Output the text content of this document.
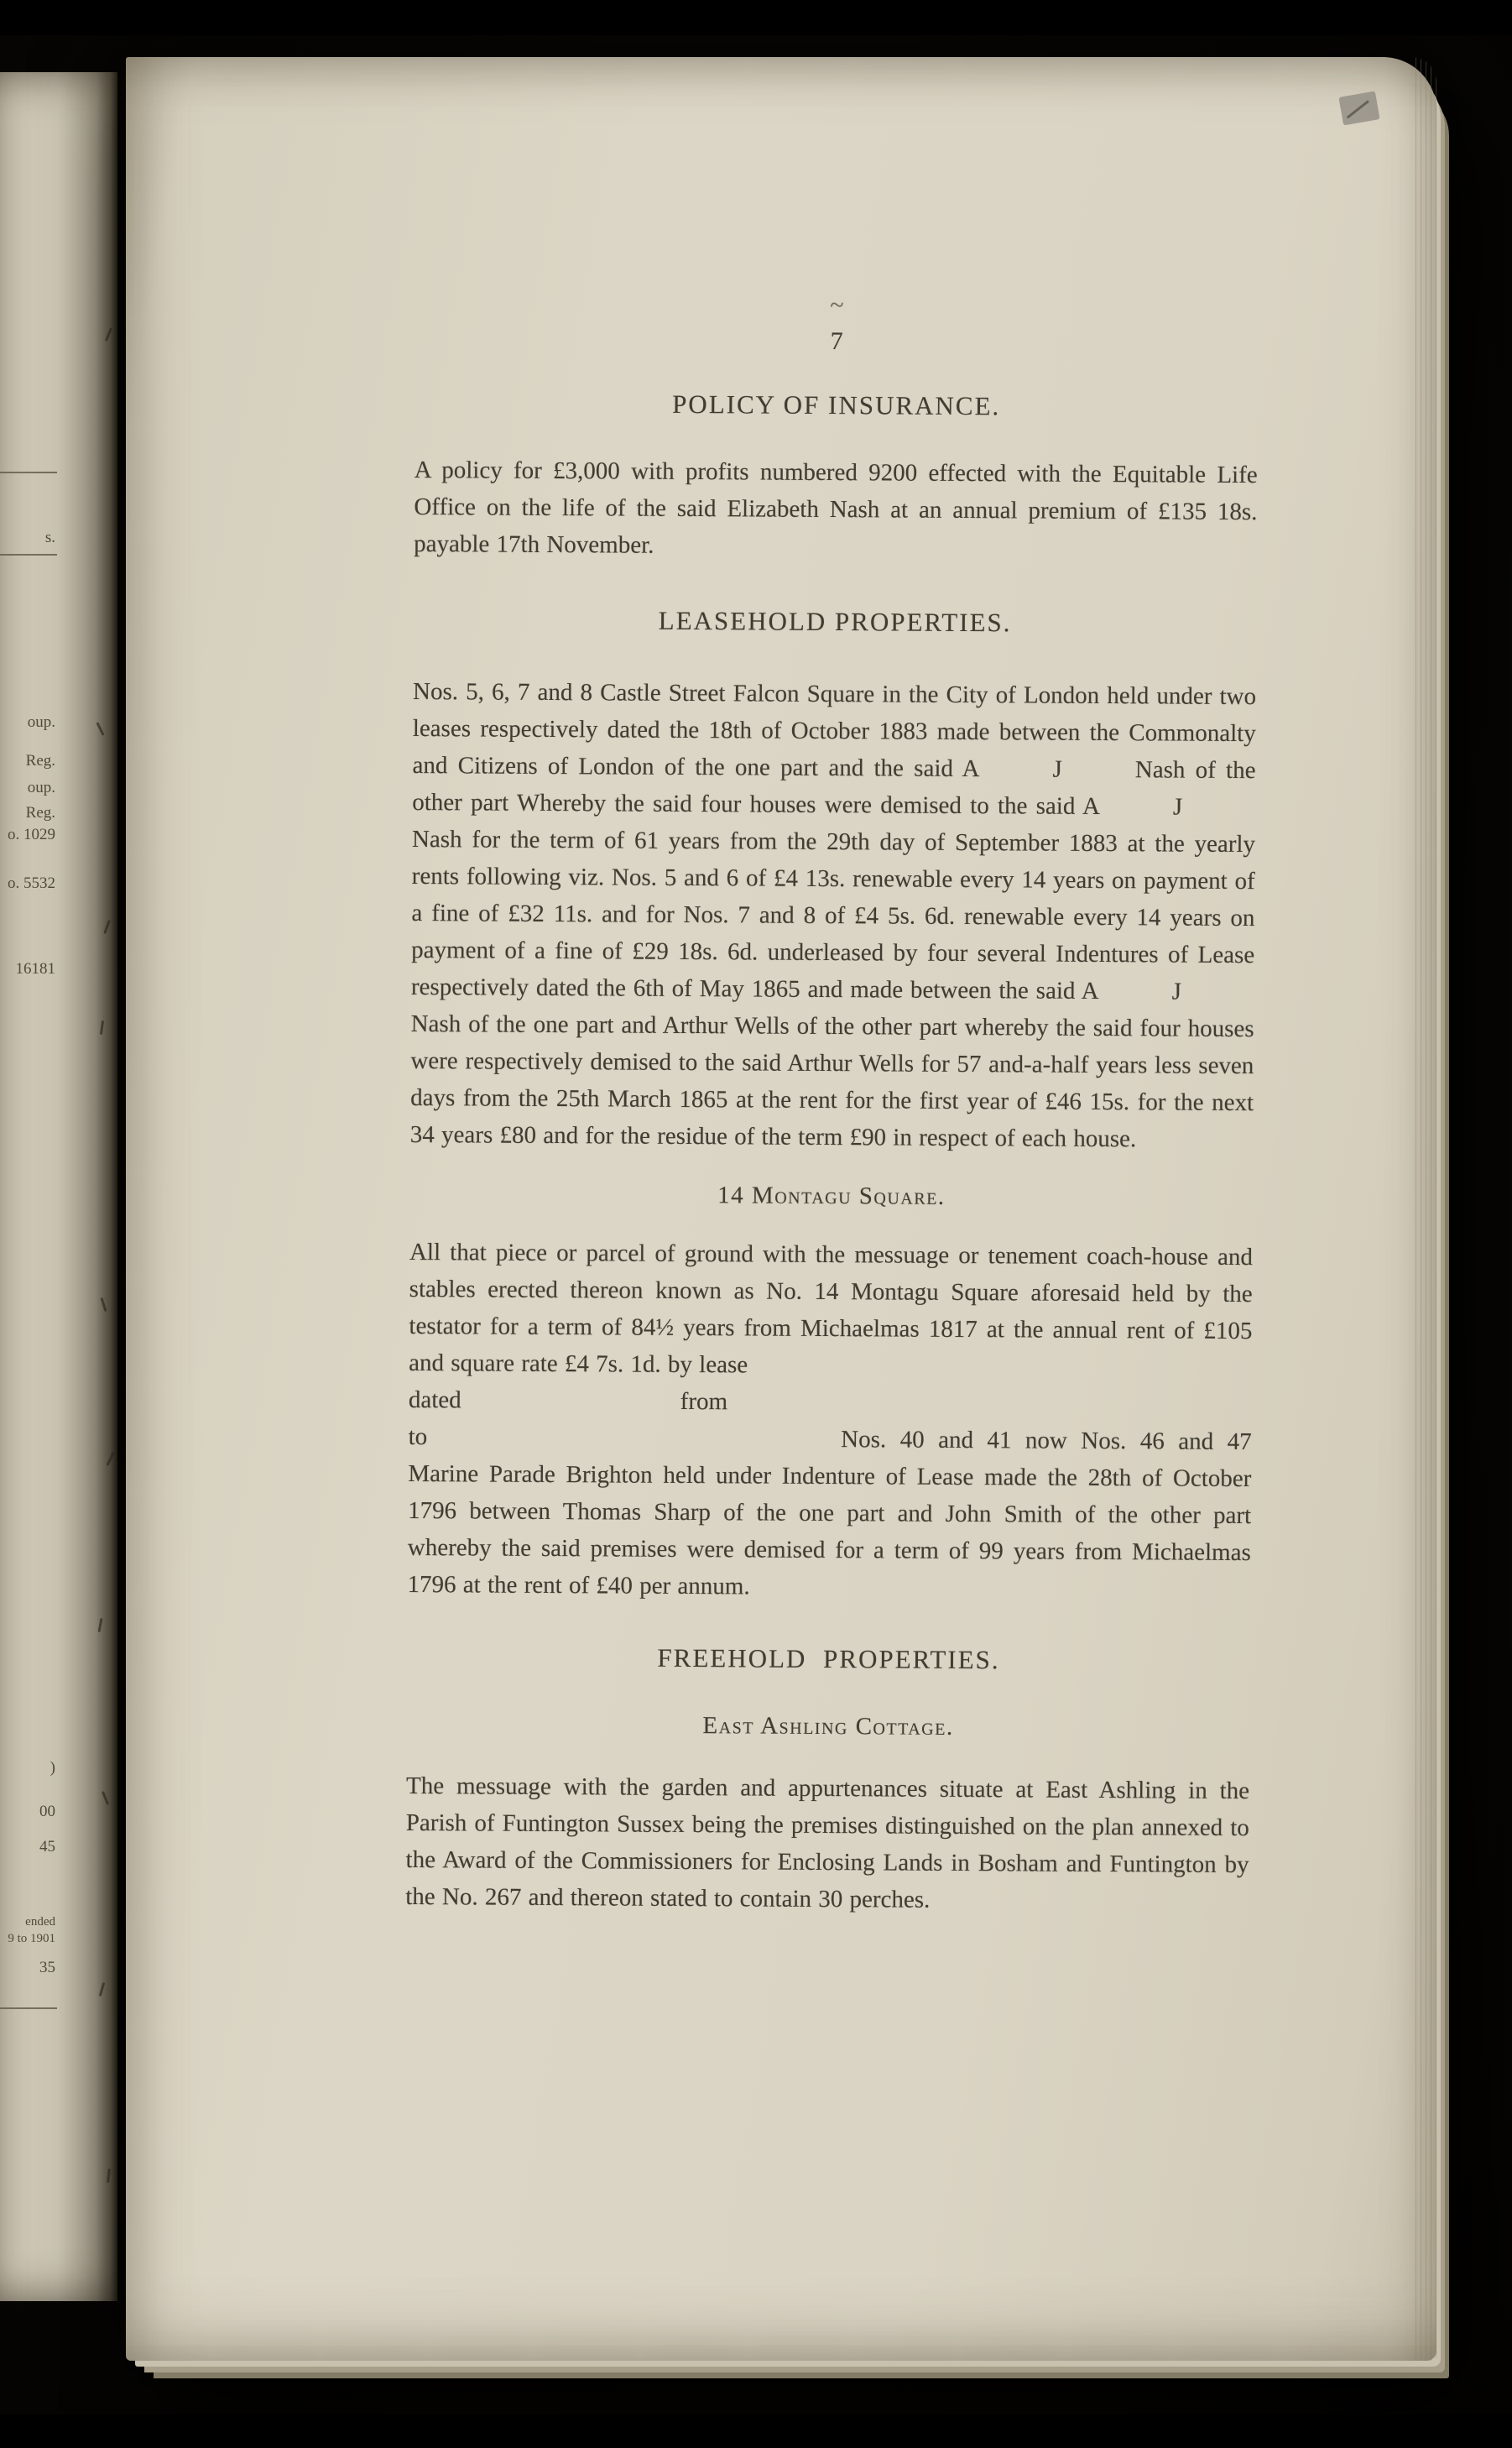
s.
oup.
Reg.
oup.
Reg.
o. 1029
o. 5532
16181
)
00
45
ended
9 to 1901
35
~
7
POLICY OF INSURANCE.

A policy for £3,000 with profits numbered 9200 effected with the Equitable Life Office on the life of the said Elizabeth Nash at an annual premium of £135 18s. payable 17th November.

LEASEHOLD PROPERTIES.

Nos. 5, 6, 7 and 8 Castle Street Falcon Square in the City of London held under two leases respectively dated the 18th of October 1883 made between the Commonalty and Citizens of London of the one part and the said A   J   Nash of the other part Whereby the said four houses were demised to the said A   J   Nash for the term of 61 years from the 29th day of September 1883 at the yearly rents following viz. Nos. 5 and 6 of £4 13s. renewable every 14 years on payment of a fine of £32 11s. and for Nos. 7 and 8 of £4 5s. 6d. renewable every 14 years on payment of a fine of £29 18s. 6d. underleased by four several Indentures of Lease respectively dated the 6th of May 1865 and made between the said A   J   Nash of the one part and Arthur Wells of the other part whereby the said four houses were respectively demised to the said Arthur Wells for 57 and-a-half years less seven days from the 25th March 1865 at the rent for the first year of £46 15s. for the next 34 years £80 and for the residue of the term £90 in respect of each house.

14 Montagu Square.

All that piece or parcel of ground with the messuage or tenement coach-house and stables erected thereon known as No. 14 Montagu Square aforesaid held by the testator for a term of 84½ years from Michaelmas 1817 at the annual rent of £105 and square rate £4 7s. 1d. by lease
dated         from
to                 Nos. 40 and 41 now Nos. 46 and 47 Marine Parade Brighton held under Indenture of Lease made the 28th of October 1796 between Thomas Sharp of the one part and John Smith of the other part whereby the said premises were demised for a term of 99 years from Michaelmas 1796 at the rent of £40 per annum.

FREEHOLD PROPERTIES.
East Ashling Cottage.

The messuage with the garden and appurtenances situate at East Ashling in the Parish of Funtington Sussex being the premises distinguished on the plan annexed to the Award of the Commissioners for Enclosing Lands in Bosham and Funtington by the No. 267 and thereon stated to contain 30 perches.
